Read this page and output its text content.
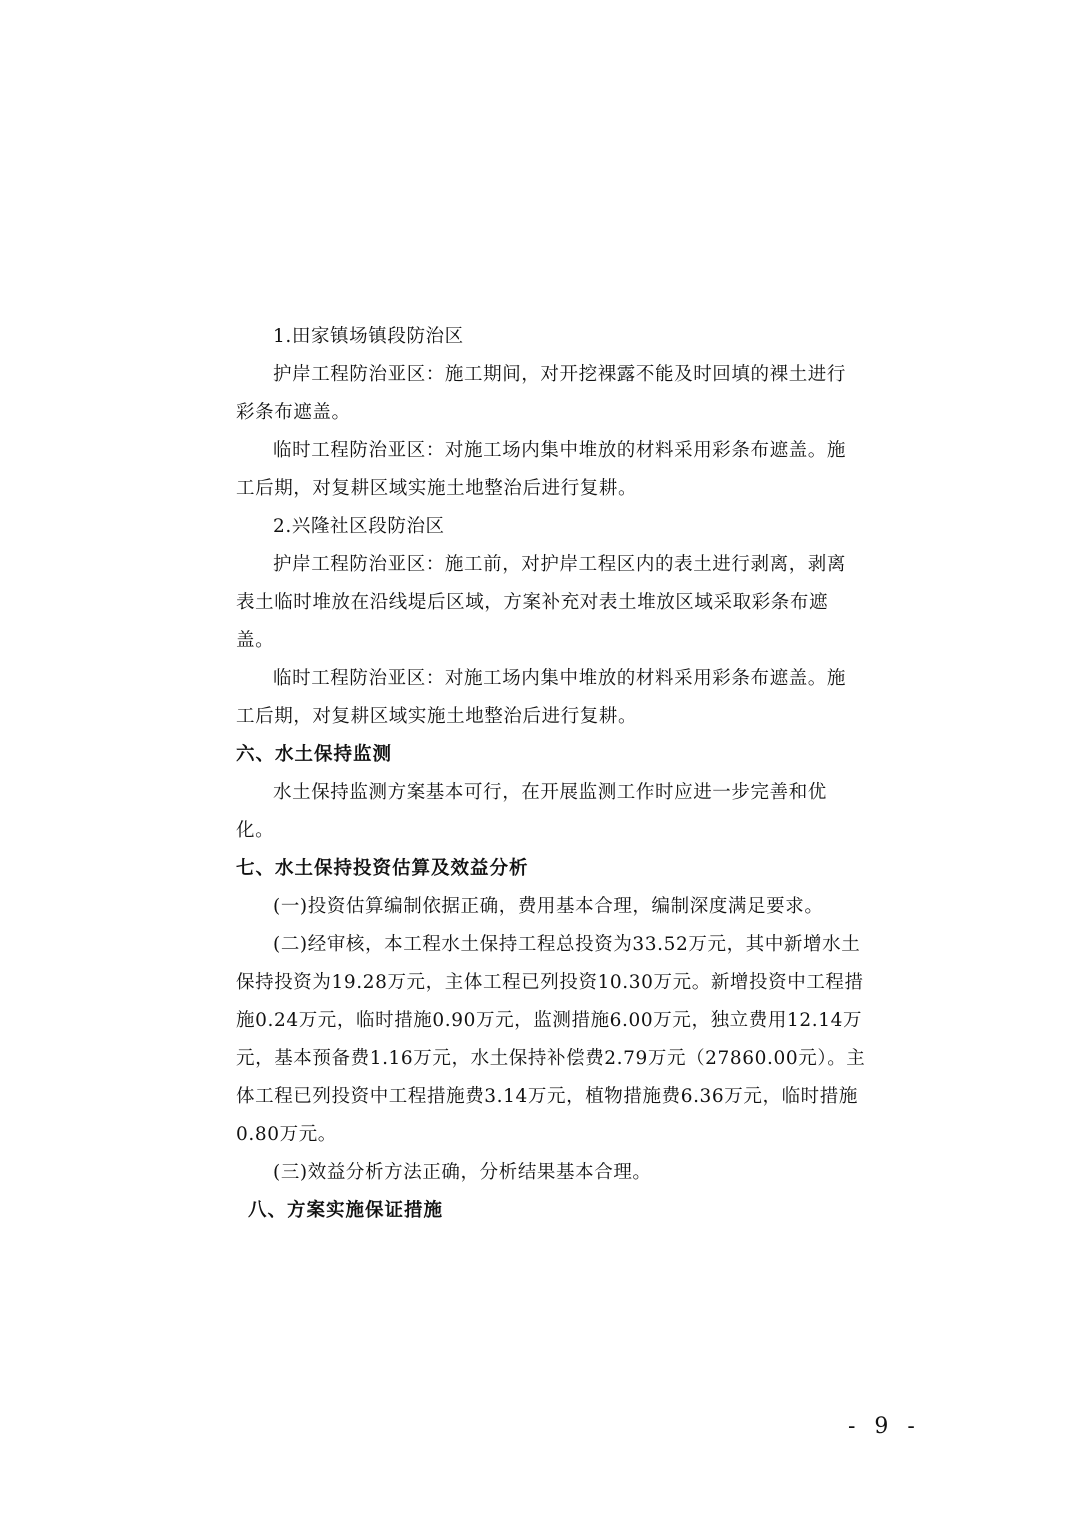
1.田家镇场镇段防治区
护岸工程防治亚区：施工期间，对开挖裸露不能及时回填的裸土进行
彩条布遮盖。
临时工程防治亚区：对施工场内集中堆放的材料采用彩条布遮盖。施
工后期，对复耕区域实施土地整治后进行复耕。
2.兴隆社区段防治区
护岸工程防治亚区：施工前，对护岸工程区内的表土进行剥离，剥离
表土临时堆放在沿线堤后区域，方案补充对表土堆放区域采取彩条布遮
盖。
临时工程防治亚区：对施工场内集中堆放的材料采用彩条布遮盖。施
工后期，对复耕区域实施土地整治后进行复耕。
六、水土保持监测
水土保持监测方案基本可行，在开展监测工作时应进一步完善和优
化。
七、水土保持投资估算及效益分析
(一)投资估算编制依据正确，费用基本合理，编制深度满足要求。
(二)经审核，本工程水土保持工程总投资为33.52万元，其中新增水土
保持投资为19.28万元，主体工程已列投资10.30万元。新增投资中工程措
施0.24万元，临时措施0.90万元，监测措施6.00万元，独立费用12.14万
元，基本预备费1.16万元，水土保持补偿费2.79万元（27860.00元）。主
体工程已列投资中工程措施费3.14万元，植物措施费6.36万元，临时措施
0.80万元。
(三)效益分析方法正确，分析结果基本合理。
八、方案实施保证措施
- 9 -
